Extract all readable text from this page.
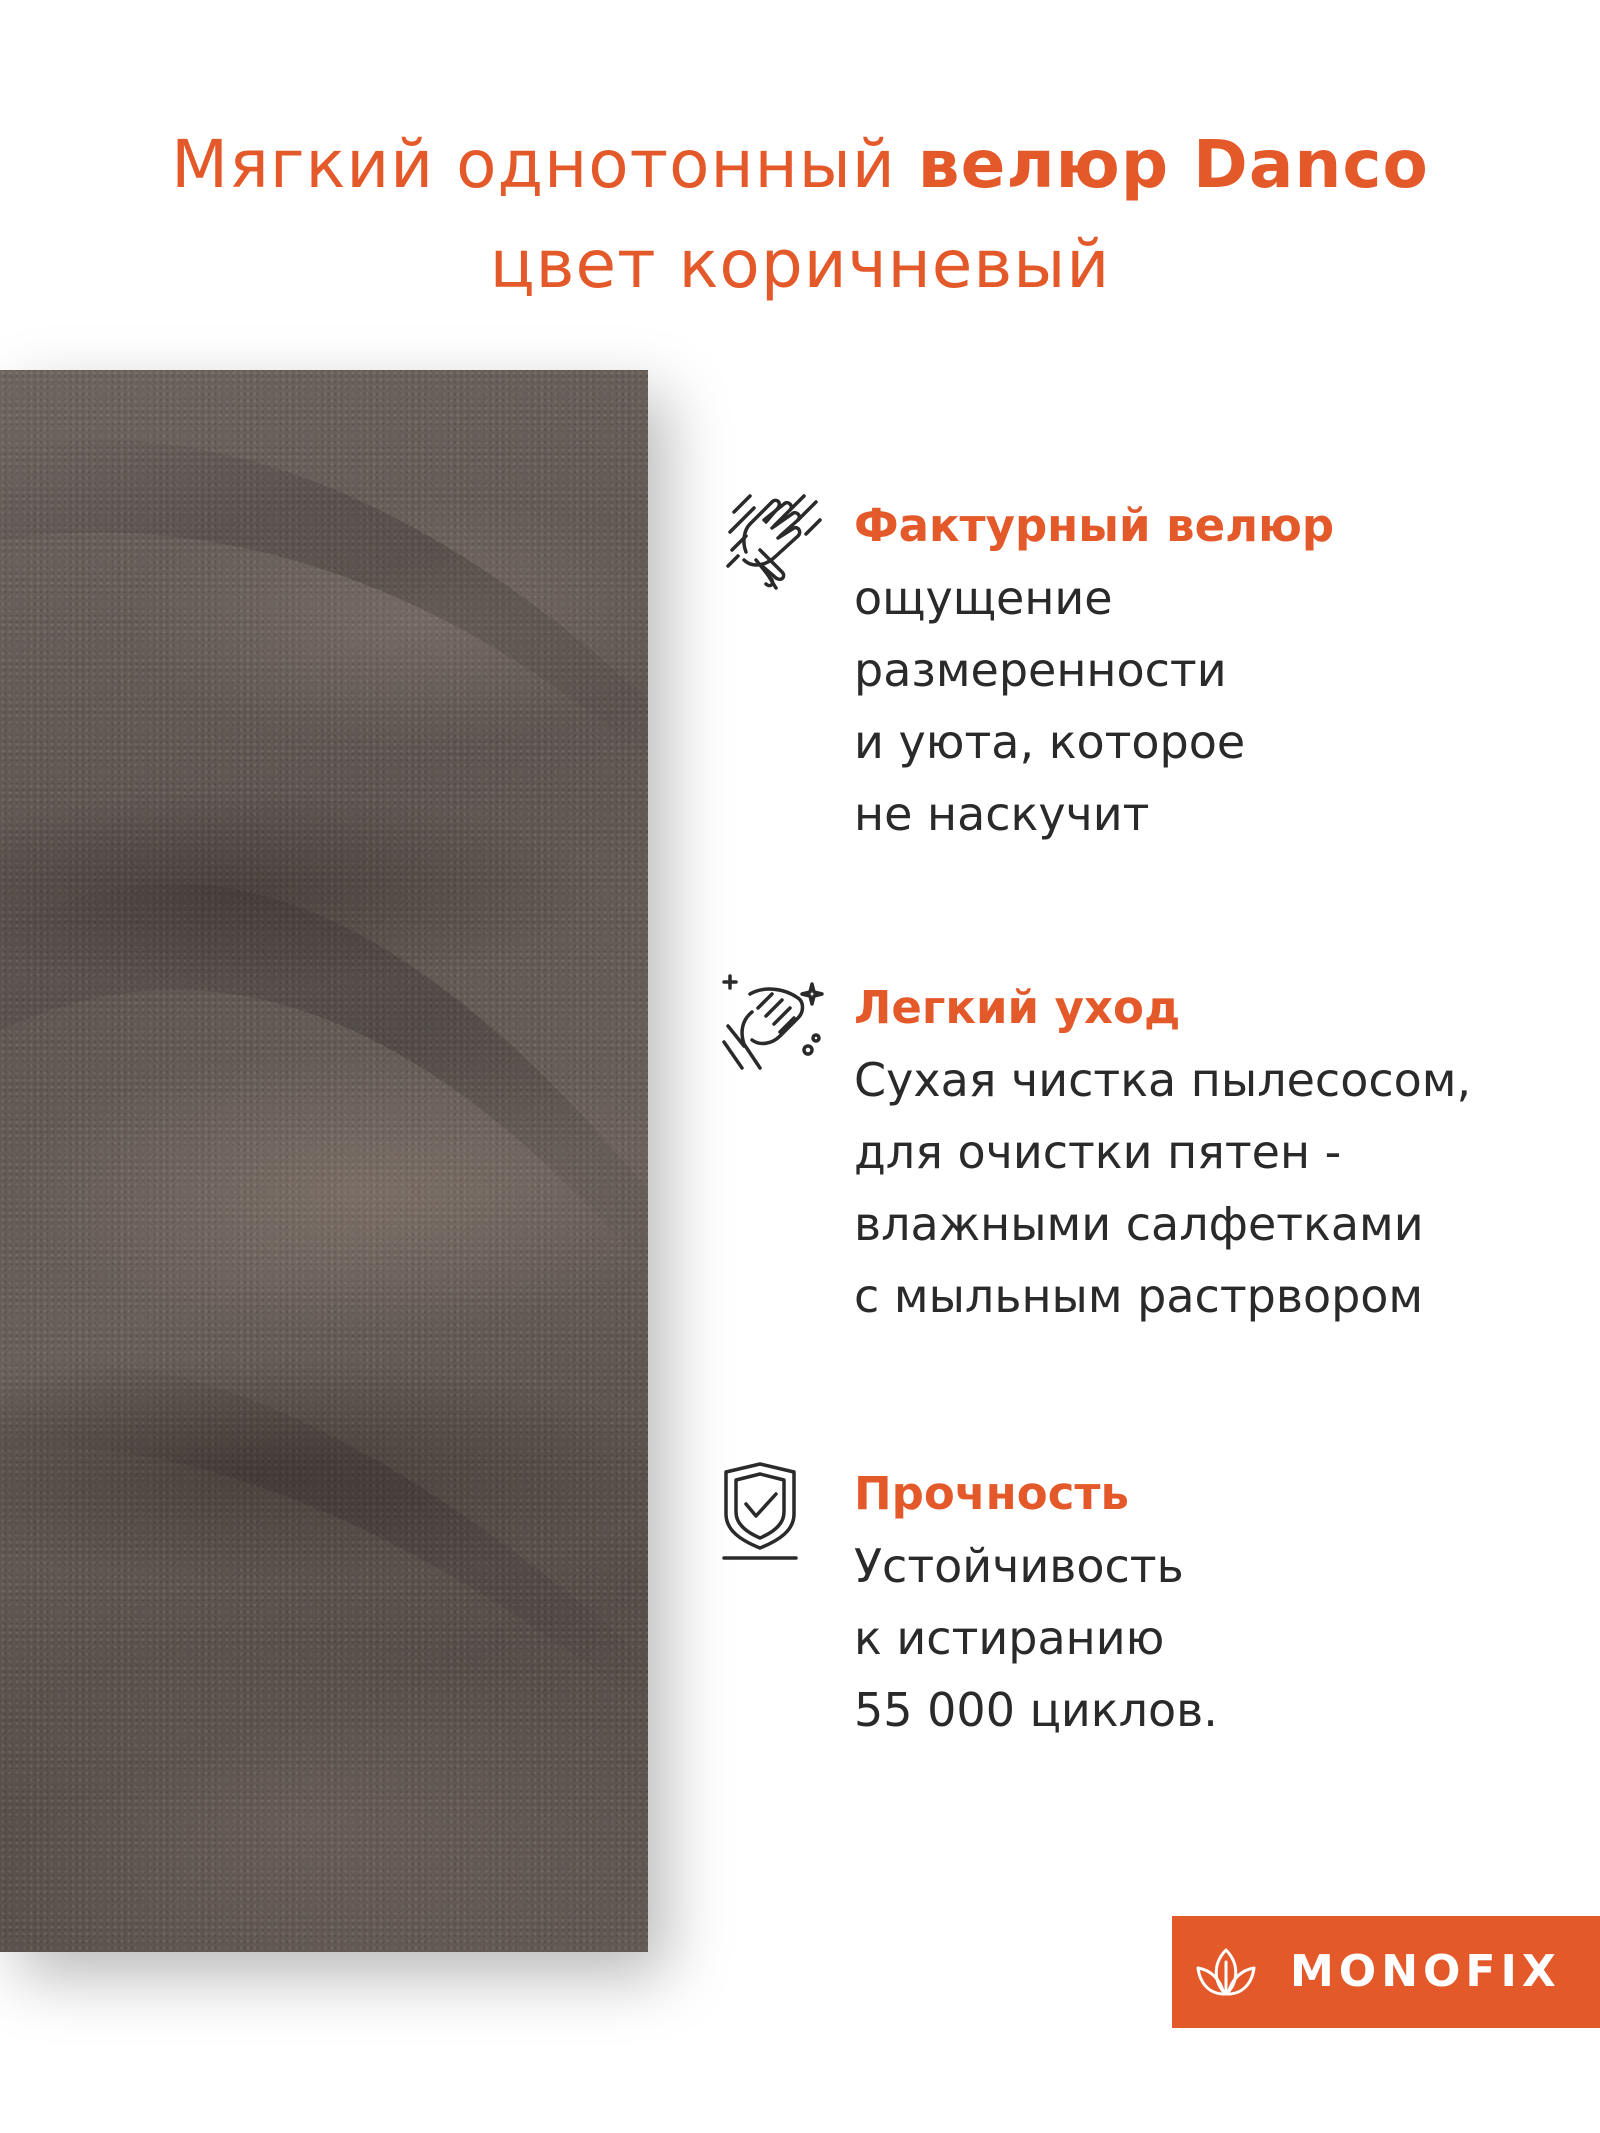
Мягкий однотонный велюр Danco
цвет коричневый
Фактурный велюр
ощущение
размеренности
и уюта, которое
не наскучит
Легкий уход
Сухая чистка пылесосом,
для очистки пятен -
влажными салфетками
с мыльным растрвором
Прочность
Устойчивость
к истиранию
55 000 циклов.
MONOFIX
